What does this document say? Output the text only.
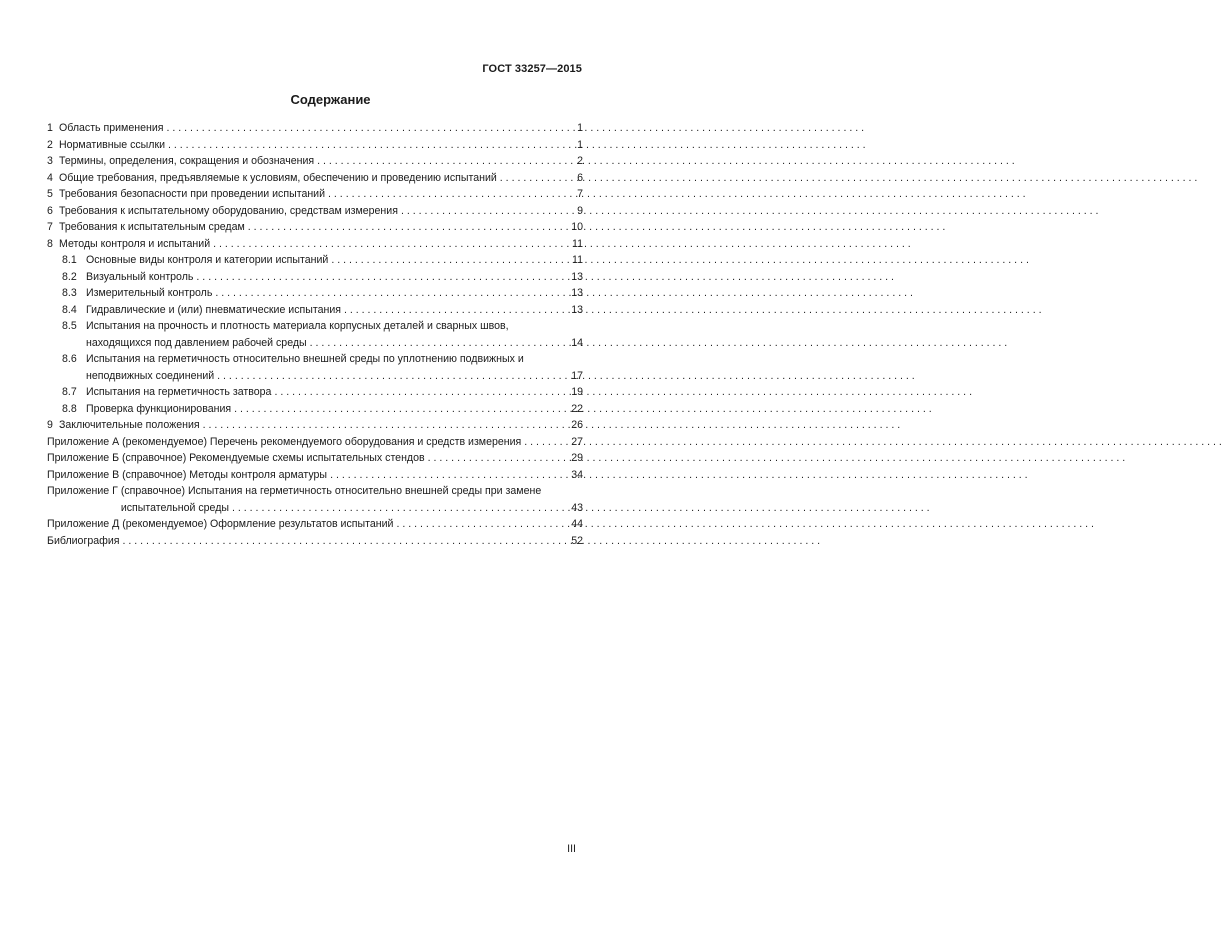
ГОСТ 33257—2015
Содержание
1 Область применения . . .	1
2 Нормативные ссылки . . .	1
3 Термины, определения, сокращения и обозначения . . .	2
4 Общие требования, предъявляемые к условиям, обеспечению и проведению испытаний . . .	6
5 Требования безопасности при проведении испытаний . . .	7
6 Требования к испытательному оборудованию, средствам измерения . . .	9
7 Требования к испытательным средам . . .	10
8 Методы контроля и испытаний . . .	11
8.1 Основные виды контроля и категории испытаний . . .	11
8.2 Визуальный контроль . . .	13
8.3 Измерительный контроль . . .	13
8.4 Гидравлические и (или) пневматические испытания . . .	13
8.5 Испытания на прочность и плотность материала корпусных деталей и сварных швов,
находящихся под давлением рабочей среды . . .	14
8.6 Испытания на герметичность относительно внешней среды по уплотнению подвижных и
неподвижных соединений . . .	17
8.7 Испытания на герметичность затвора . . .	19
8.8 Проверка функционирования . . .	22
9 Заключительные положения . . .	26
Приложение А (рекомендуемое) Перечень рекомендуемого оборудования и средств измерения . . .	27
Приложение Б (справочное) Рекомендуемые схемы испытательных стендов . . .	29
Приложение В (справочное) Методы контроля арматуры . . .	34
Приложение Г (справочное) Испытания на герметичность относительно внешней среды при замене
испытательной среды . . .	43
Приложение Д (рекомендуемое) Оформление результатов испытаний . . .	44
Библиография . . .	52
III
